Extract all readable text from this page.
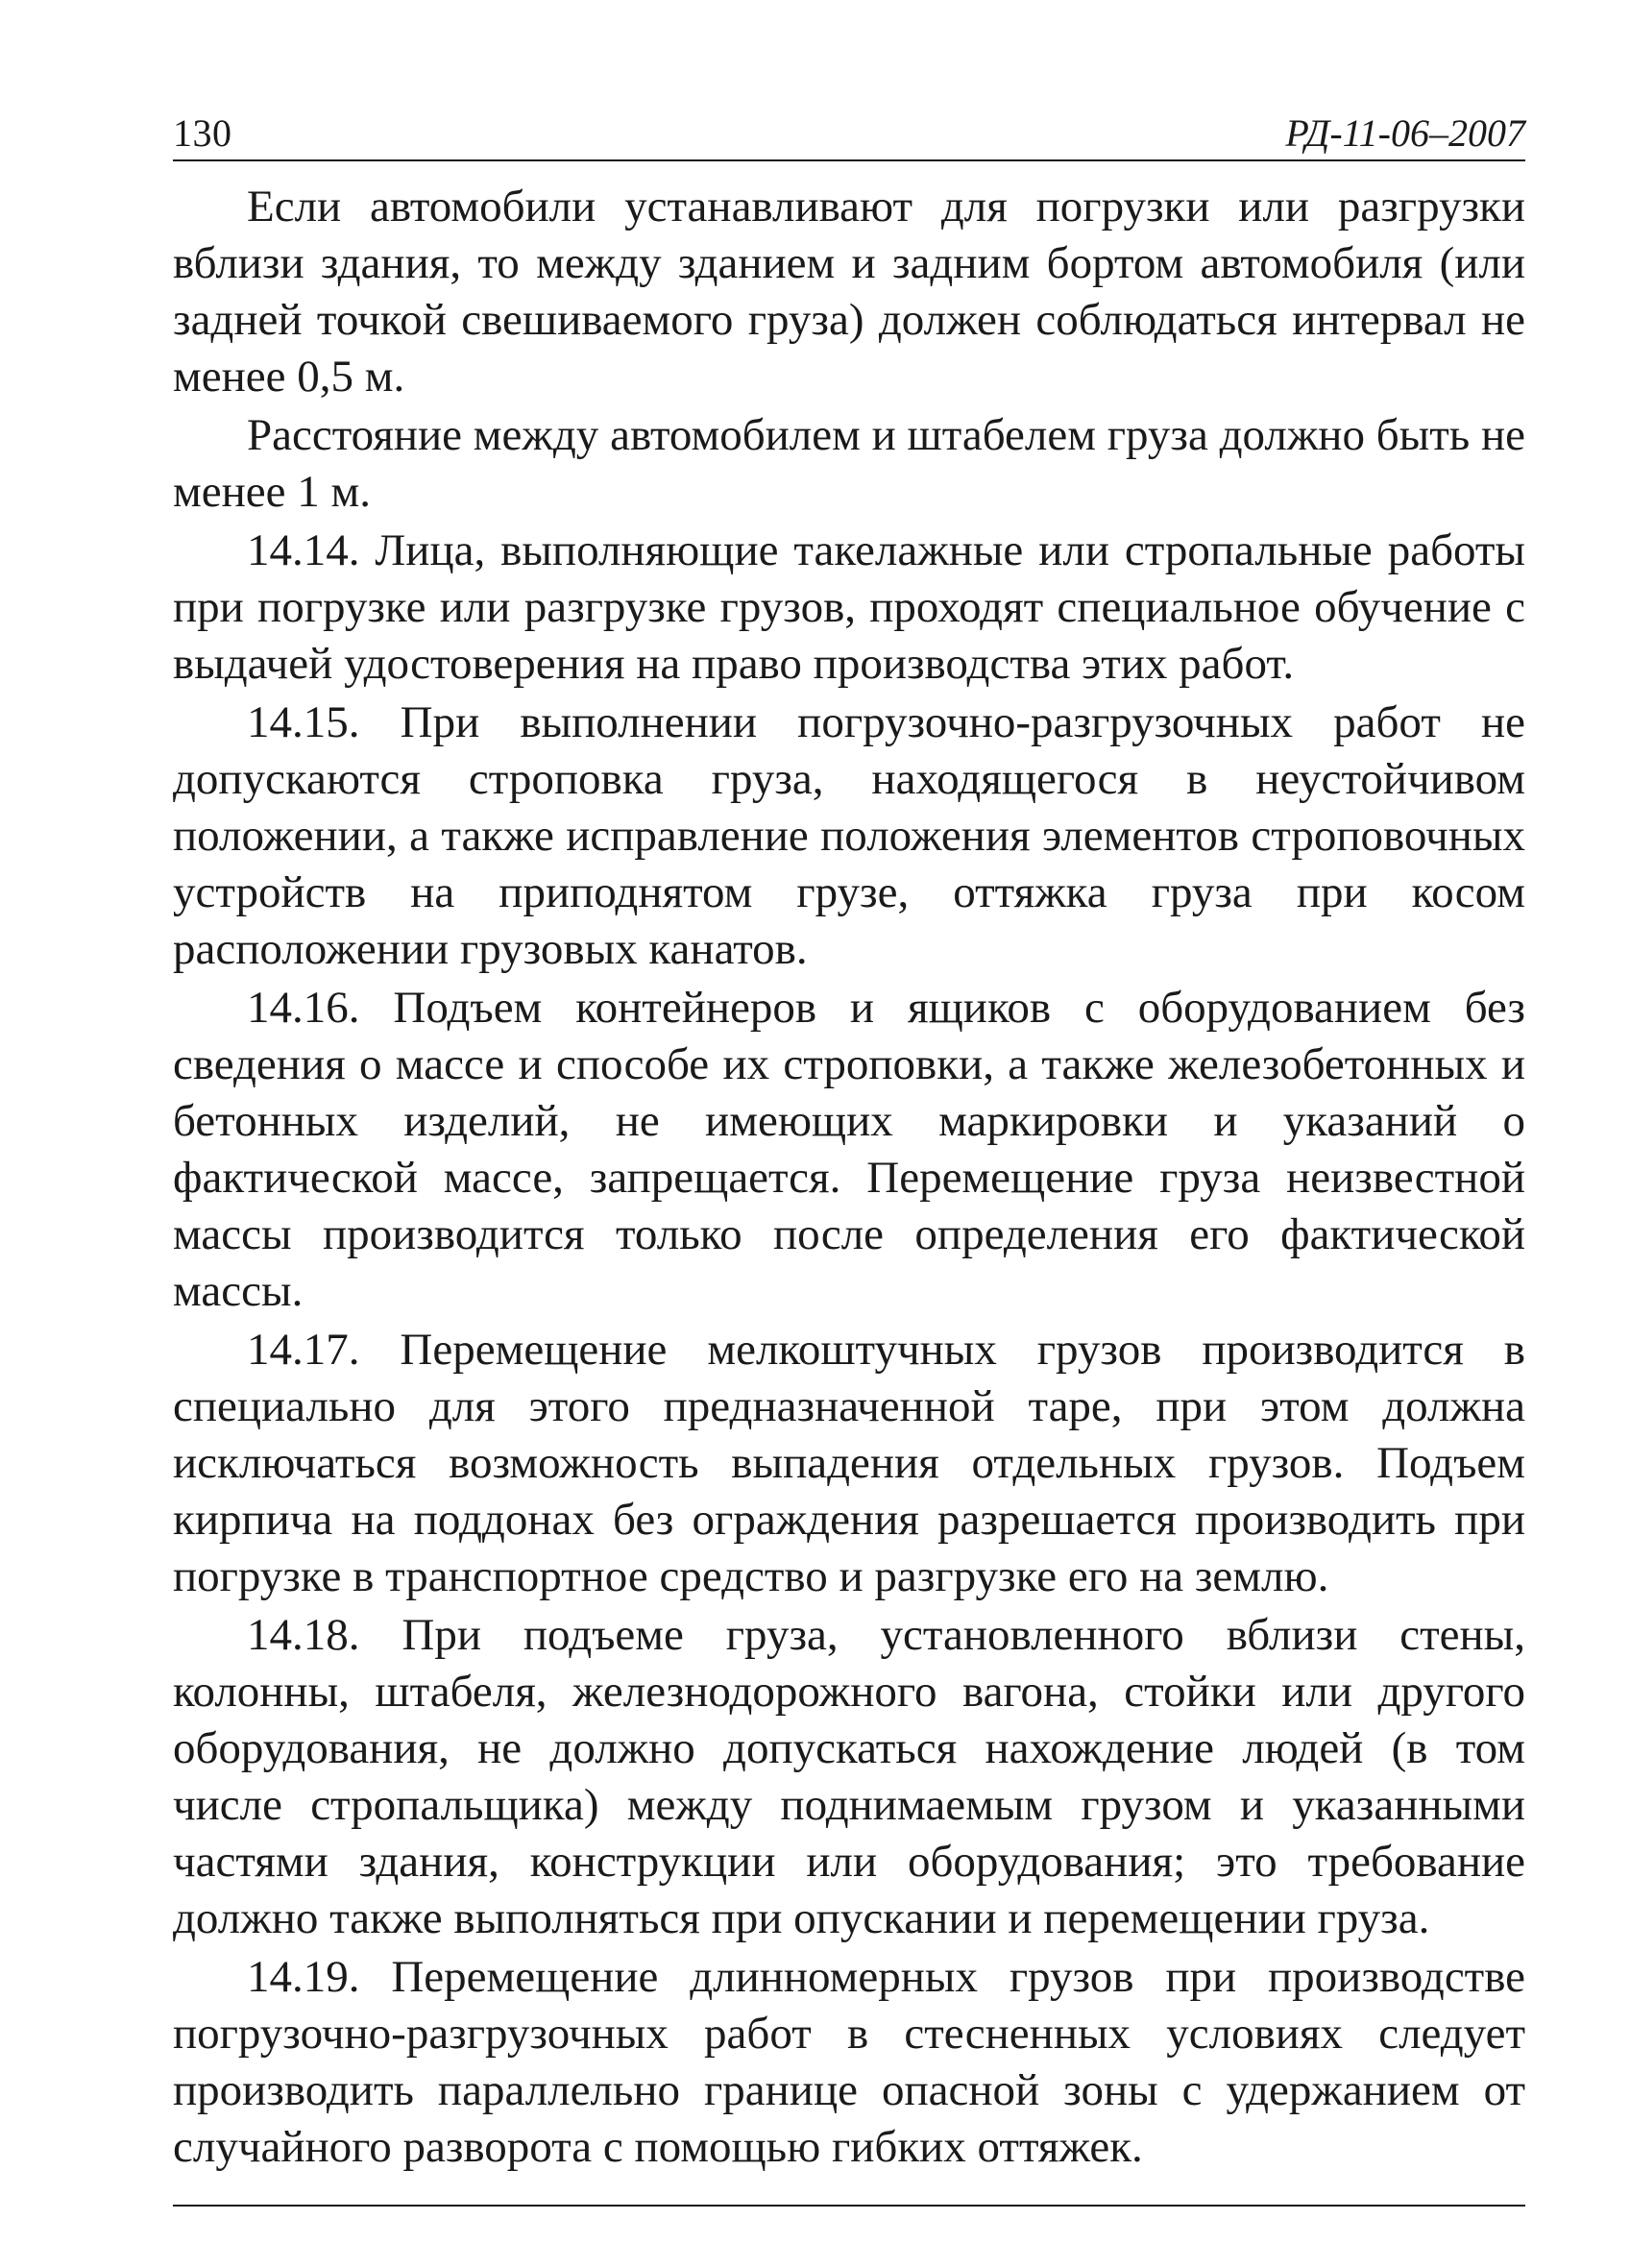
130	РД-11-06–2007

Если автомобили устанавливают для погрузки или разгрузки вблизи здания, то между зданием и задним бортом автомобиля (или задней точкой свешиваемого груза) должен соблюдаться интервал не менее 0,5 м.

Расстояние между автомобилем и штабелем груза должно быть не менее 1 м.

14.14. Лица, выполняющие такелажные или стропальные работы при погрузке или разгрузке грузов, проходят специальное обучение с выдачей удостоверения на право производства этих работ.

14.15. При выполнении погрузочно-разгрузочных работ не допускаются строповка груза, находящегося в неустойчивом положении, а также исправление положения элементов строповочных устройств на приподнятом грузе, оттяжка груза при косом расположении грузовых канатов.

14.16. Подъем контейнеров и ящиков с оборудованием без сведения о массе и способе их строповки, а также железобетонных и бетонных изделий, не имеющих маркировки и указаний о фактической массе, запрещается. Перемещение груза неизвестной массы производится только после определения его фактической массы.

14.17. Перемещение мелкоштучных грузов производится в специально для этого предназначенной таре, при этом должна исключаться возможность выпадения отдельных грузов. Подъем кирпича на поддонах без ограждения разрешается производить при погрузке в транспортное средство и разгрузке его на землю.

14.18. При подъеме груза, установленного вблизи стены, колонны, штабеля, железнодорожного вагона, стойки или другого оборудования, не должно допускаться нахождение людей (в том числе стропальщика) между поднимаемым грузом и указанными частями здания, конструкции или оборудования; это требование должно также выполняться при опускании и перемещении груза.

14.19. Перемещение длинномерных грузов при производстве погрузочно-разгрузочных работ в стесненных условиях следует производить параллельно границе опасной зоны с удержанием от случайного разворота с помощью гибких оттяжек.
